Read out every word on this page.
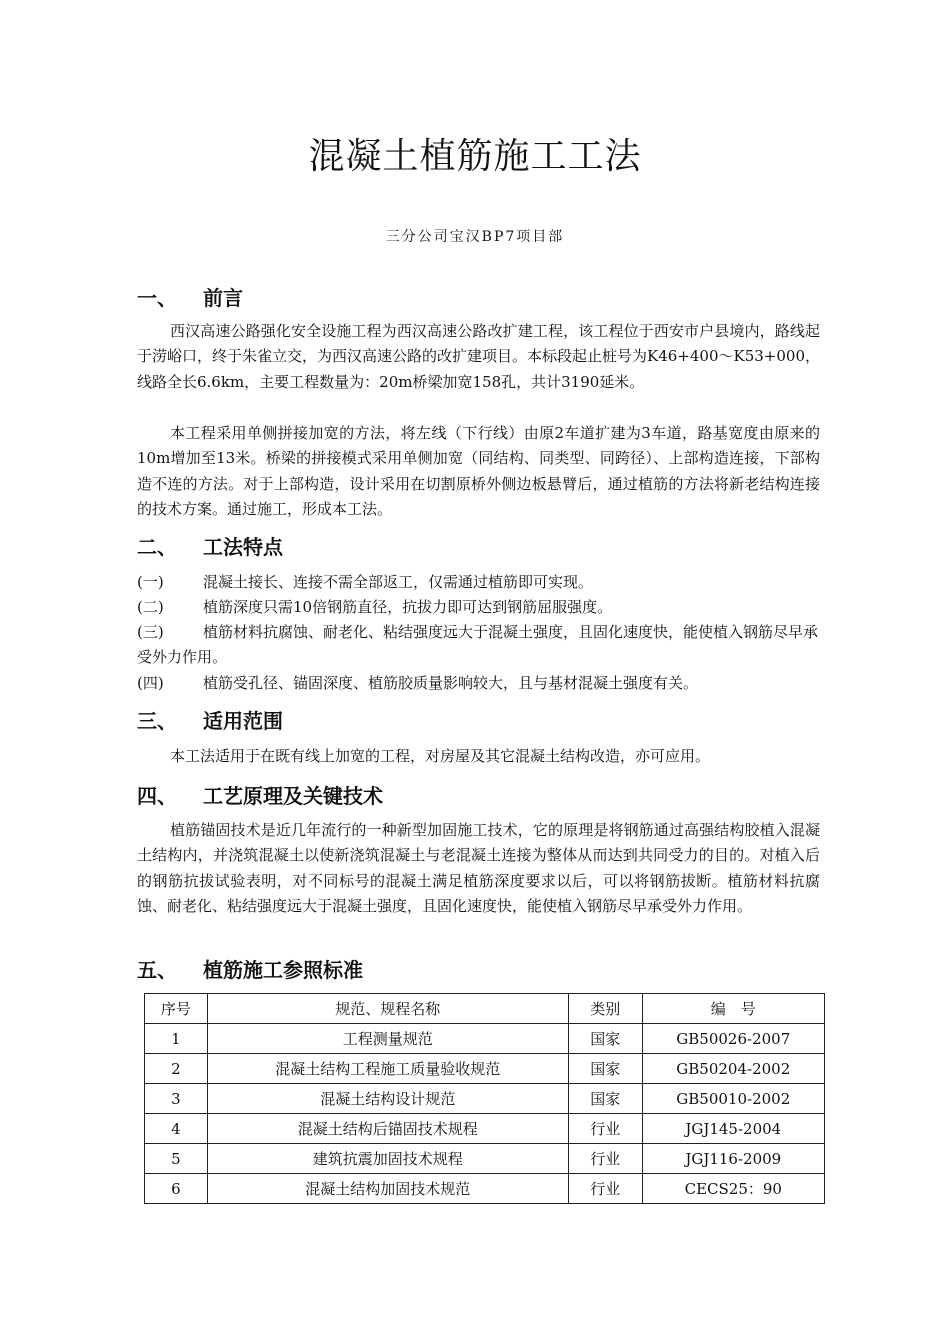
混凝土植筋施工工法
三分公司宝汉BP7项目部
一、 前言

西汉高速公路强化安全设施工程为西汉高速公路改扩建工程，该工程位于西安市户县境内，路线起于涝峪口，终于朱雀立交，为西汉高速公路的改扩建项目。本标段起止桩号为K46+400～K53+000，线路全长6.6km，主要工程数量为：20m桥梁加宽158孔，共计3190延米。

本工程采用单侧拼接加宽的方法，将左线（下行线）由原2车道扩建为3车道，路基宽度由原来的10m增加至13米。桥梁的拼接模式采用单侧加宽（同结构、同类型、同跨径）、上部构造连接，下部构造不连的方法。对于上部构造，设计采用在切割原桥外侧边板悬臂后，通过植筋的方法将新老结构连接的技术方案。通过施工，形成本工法。

二、 工法特点

(一)	混凝土接长、连接不需全部返工，仅需通过植筋即可实现。

(二)	植筋深度只需10倍钢筋直径，抗拔力即可达到钢筋屈服强度。

(三)	植筋材料抗腐蚀、耐老化、粘结强度远大于混凝土强度，且固化速度快，能使植入钢筋尽早承受外力作用。

(四)	植筋受孔径、锚固深度、植筋胶质量影响较大，且与基材混凝土强度有关。

三、 适用范围

本工法适用于在既有线上加宽的工程，对房屋及其它混凝土结构改造，亦可应用。

四、 工艺原理及关键技术

植筋锚固技术是近几年流行的一种新型加固施工技术，它的原理是将钢筋通过高强结构胶植入混凝土结构内，并浇筑混凝土以使新浇筑混凝土与老混凝土连接为整体从而达到共同受力的目的。对植入后的钢筋抗拔试验表明，对不同标号的混凝土满足植筋深度要求以后，可以将钢筋拔断。植筋材料抗腐蚀、耐老化、粘结强度远大于混凝土强度，且固化速度快，能使植入钢筋尽早承受外力作用。

五、 植筋施工参照标准
序号	规范、规程名称	类别	编　号
1	工程测量规范	国家	GB50026-2007
2	混凝土结构工程施工质量验收规范	国家	GB50204-2002
3	混凝土结构设计规范	国家	GB50010-2002
4	混凝土结构后锚固技术规程	行业	JGJ145-2004
5	建筑抗震加固技术规程	行业	JGJ116-2009
6	混凝土结构加固技术规范	行业	CECS25：90
